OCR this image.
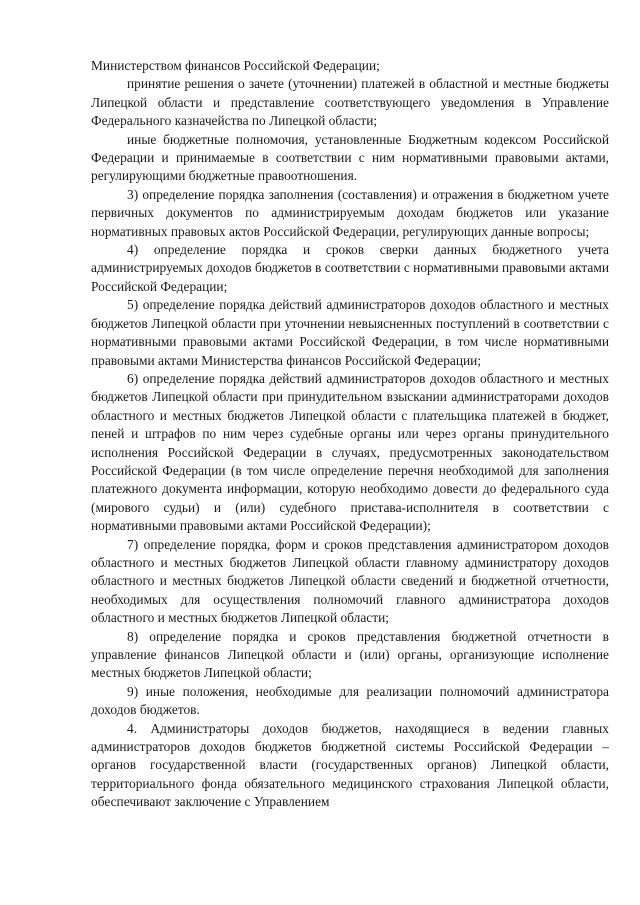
Министерством финансов Российской Федерации;

принятие решения о зачете (уточнении) платежей в областной и местные бюджеты Липецкой области и представление соответствующего уведомления в Управление Федерального казначейства по Липецкой области;

иные бюджетные полномочия, установленные Бюджетным кодексом Российской Федерации и принимаемые в соответствии с ним нормативными правовыми актами, регулирующими бюджетные правоотношения.

3) определение порядка заполнения (составления) и отражения в бюджетном учете первичных документов по администрируемым доходам бюджетов или указание нормативных правовых актов Российской Федерации, регулирующих данные вопросы;

4) определение порядка и сроков сверки данных бюджетного учета администрируемых доходов бюджетов в соответствии с нормативными правовыми актами Российской Федерации;

5) определение порядка действий администраторов доходов областного и местных бюджетов Липецкой области при уточнении невыясненных поступлений в соответствии с нормативными правовыми актами Российской Федерации, в том числе нормативными правовыми актами Министерства финансов Российской Федерации;

6) определение порядка действий администраторов доходов областного и местных бюджетов Липецкой области при принудительном взыскании администраторами доходов областного и местных бюджетов Липецкой области с плательщика платежей в бюджет, пеней и штрафов по ним через судебные органы или через органы принудительного исполнения Российской Федерации в случаях, предусмотренных законодательством Российской Федерации (в том числе определение перечня необходимой для заполнения платежного документа информации, которую необходимо довести до федерального суда (мирового судьи) и (или) судебного пристава-исполнителя в соответствии с нормативными правовыми актами Российской Федерации);

7) определение порядка, форм и сроков представления администратором доходов областного и местных бюджетов Липецкой области главному администратору доходов областного и местных бюджетов Липецкой области сведений и бюджетной отчетности, необходимых для осуществления полномочий главного администратора доходов областного и местных бюджетов Липецкой области;

8) определение порядка и сроков представления бюджетной отчетности в управление финансов Липецкой области и (или) органы, организующие исполнение местных бюджетов Липецкой области;

9) иные положения, необходимые для реализации полномочий администратора доходов бюджетов.

4. Администраторы доходов бюджетов, находящиеся в ведении главных администраторов доходов бюджетов бюджетной системы Российской Федерации – органов государственной власти (государственных органов) Липецкой области, территориального фонда обязательного медицинского страхования Липецкой области, обеспечивают заключение с Управлением
